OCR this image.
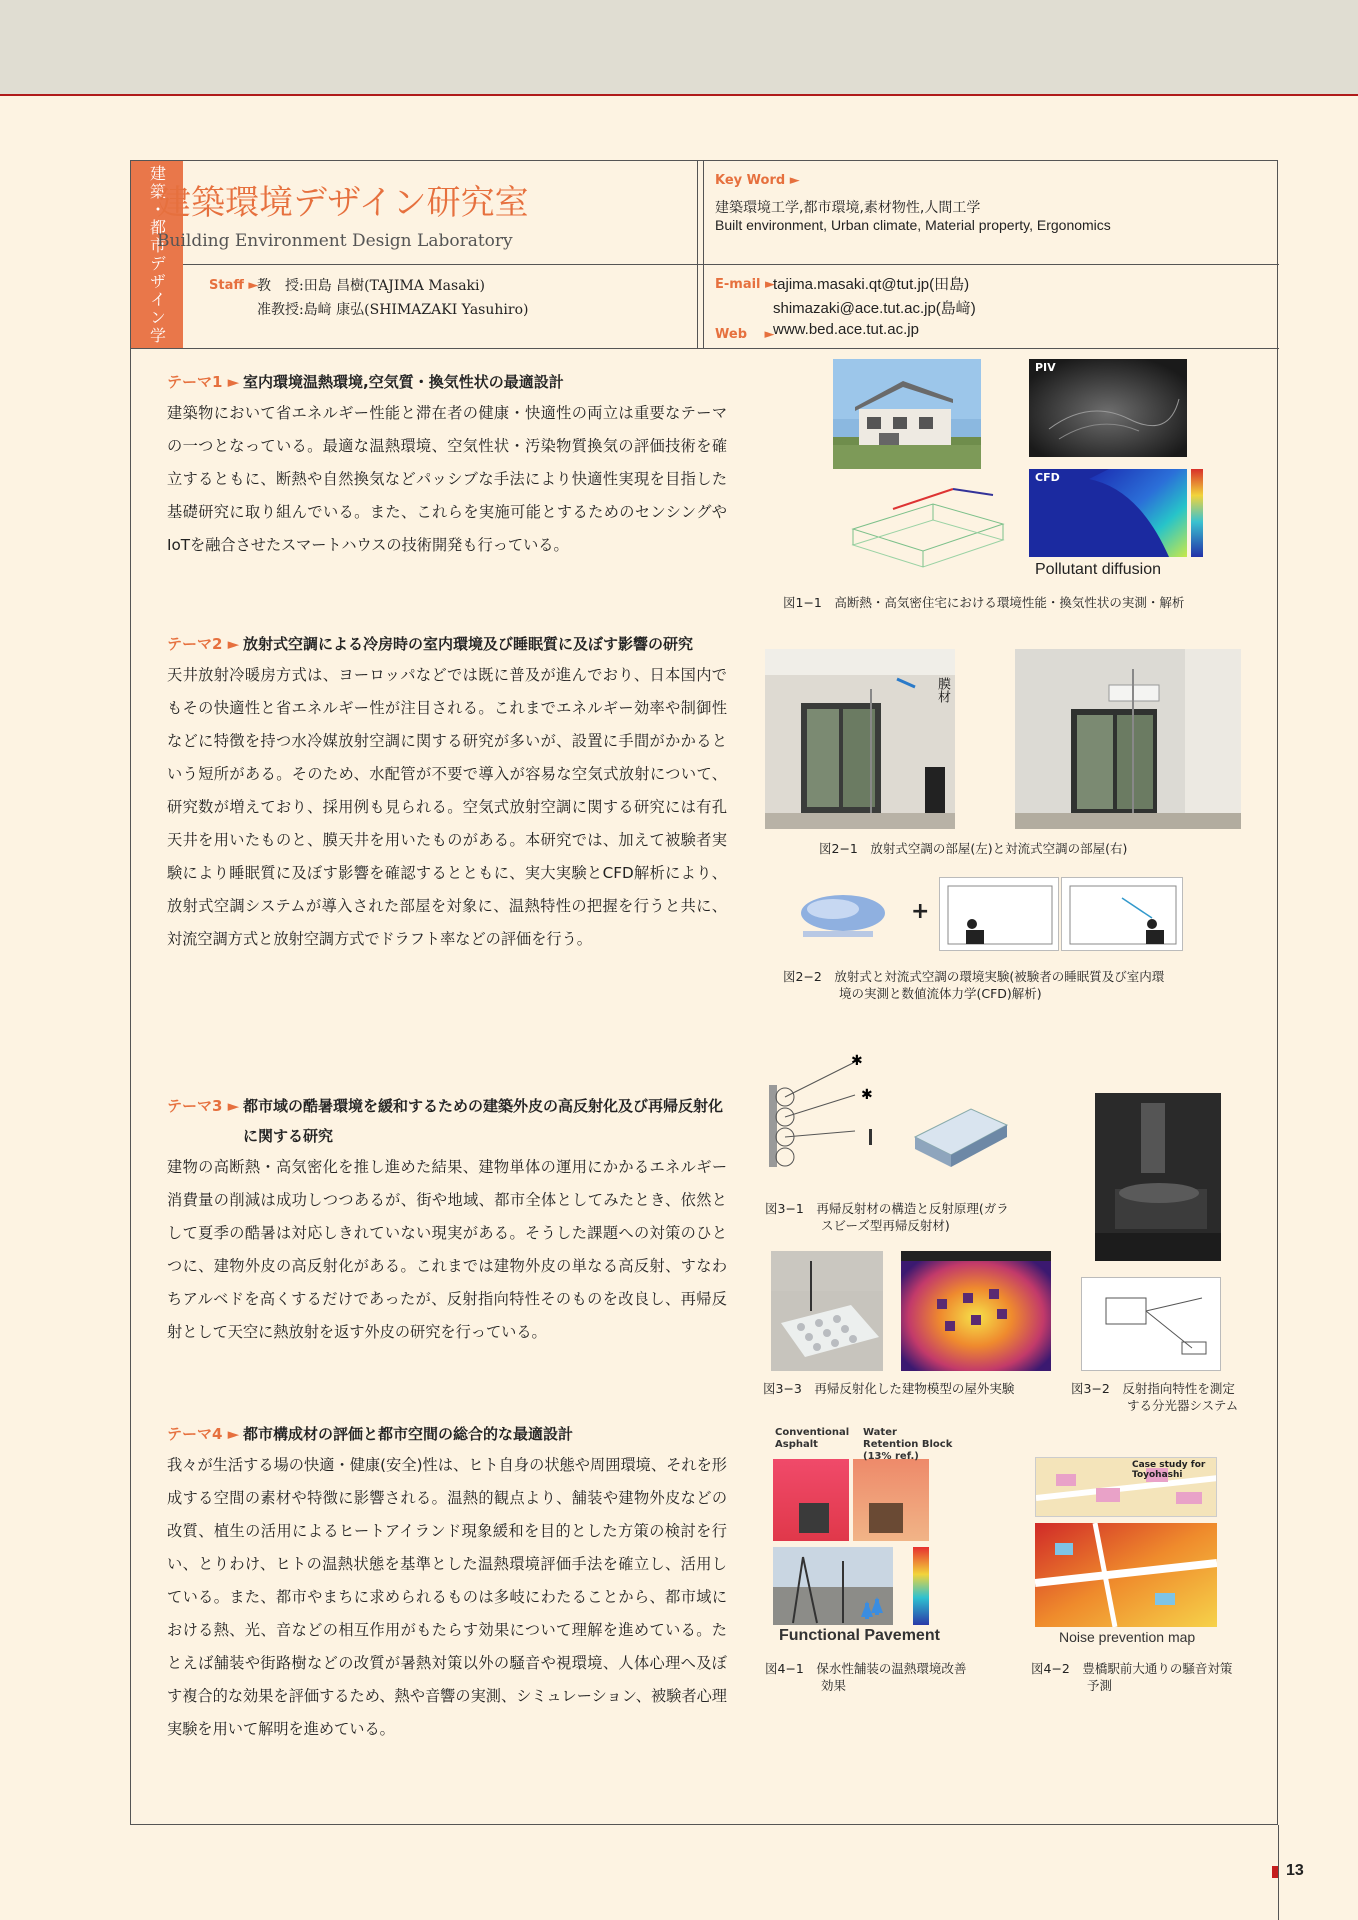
建築・都市デザイン学
建築環境デザイン研究室
Building Environment Design Laboratory
Staff ►
教　授:田島 昌樹(TAJIMA Masaki)
准教授:島﨑 康弘(SHIMAZAKI Yasuhiro)
Key Word ►
建築環境工学,都市環境,素材物性,人間工学
Built environment, Urban climate, Material property, Ergonomics
E-mail ►
tajima.masaki.qt@tut.jp(田島)
shimazaki@ace.tut.ac.jp(島﨑)
Web　 ►
www.bed.ace.tut.ac.jp
テーマ1 ► 室内環境温熱環境,空気質・換気性状の最適設計
建築物において省エネルギー性能と滞在者の健康・快適性の両立は重要なテーマの一つとなっている。最適な温熱環境、空気性状・汚染物質換気の評価技術を確立するともに、断熱や自然換気などパッシブな手法により快適性実現を目指した基礎研究に取り組んでいる。また、これらを実施可能とするためのセンシングやIoTを融合させたスマートハウスの技術開発も行っている。
テーマ2 ► 放射式空調による冷房時の室内環境及び睡眠質に及ぼす影響の研究
天井放射冷暖房方式は、ヨーロッパなどでは既に普及が進んでおり、日本国内でもその快適性と省エネルギー性が注目される。これまでエネルギー効率や制御性などに特徴を持つ水冷媒放射空調に関する研究が多いが、設置に手間がかかるという短所がある。そのため、水配管が不要で導入が容易な空気式放射について、研究数が増えており、採用例も見られる。空気式放射空調に関する研究には有孔天井を用いたものと、膜天井を用いたものがある。本研究では、加えて被験者実験により睡眠質に及ぼす影響を確認するとともに、実大実験とCFD解析により、放射式空調システムが導入された部屋を対象に、温熱特性の把握を行うと共に、対流空調方式と放射空調方式でドラフト率などの評価を行う。
テーマ3 ► 都市域の酷暑環境を緩和するための建築外皮の高反射化及び再帰反射化に関する研究
建物の高断熱・高気密化を推し進めた結果、建物単体の運用にかかるエネルギー消費量の削減は成功しつつあるが、街や地域、都市全体としてみたとき、依然として夏季の酷暑は対応しきれていない現実がある。そうした課題への対策のひとつに、建物外皮の高反射化がある。これまでは建物外皮の単なる高反射、すなわちアルベドを高くするだけであったが、反射指向特性そのものを改良し、再帰反射として天空に熱放射を返す外皮の研究を行っている。
テーマ4 ► 都市構成材の評価と都市空間の総合的な最適設計
我々が生活する場の快適・健康(安全)性は、ヒト自身の状態や周囲環境、それを形成する空間の素材や特徴に影響される。温熱的観点より、舗装や建物外皮などの改質、植生の活用によるヒートアイランド現象緩和を目的とした方策の検討を行い、とりわけ、ヒトの温熱状態を基準とした温熱環境評価手法を確立し、活用している。また、都市やまちに求められるものは多岐にわたることから、都市域における熱、光、音などの相互作用がもたらす効果について理解を進めている。たとえば舗装や街路樹などの改質が暑熱対策以外の騒音や視環境、人体心理へ及ぼす複合的な効果を評価するため、熱や音響の実測、シミュレーション、被験者心理実験を用いて解明を進めている。
PIV
CFD
Pollutant diffusion
図1−1　高断熱・高気密住宅における環境性能・換気性状の実測・解析
膜材
図2−1　放射式空調の部屋(左)と対流式空調の部屋(右)
+
図2−2　放射式と対流式空調の環境実験(被験者の睡眠質及び室内環
境の実測と数値流体力学(CFD)解析)
✱
✱
図3−1　再帰反射材の構造と反射原理(ガラ
スビーズ型再帰反射材)
図3−3　再帰反射化した建物模型の屋外実験	図3−2　反射指向特性を測定
する分光器システム
Conventional Asphalt
Water Retention Block (13% ref.)
Functional Pavement
Case study for Toyohashi
Noise prevention map
図4−1　保水性舗装の温熱環境改善
効果
図4−2　豊橋駅前大通りの騒音対策
予測
13
